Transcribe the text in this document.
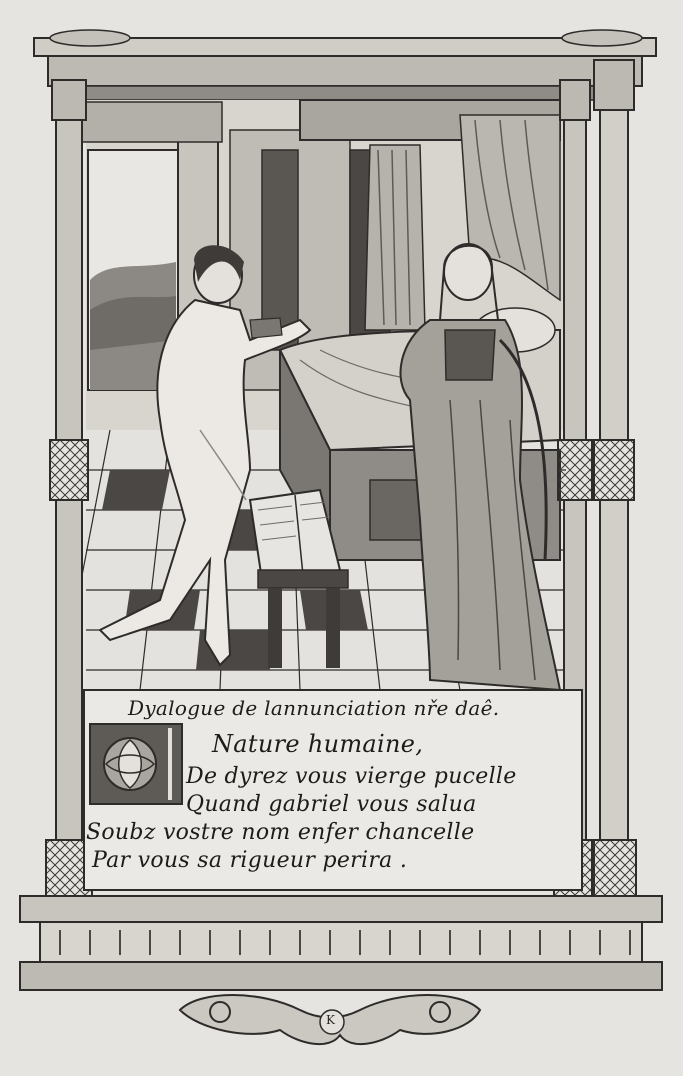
Dyalogue de lannunciation nře daê.
Nature humaine,
De dyrez vous vierge pucelle
Quand gabriel vous salua
Soubz vostre nom enfer chancelle
Par vous sa rigueur perira .
K
